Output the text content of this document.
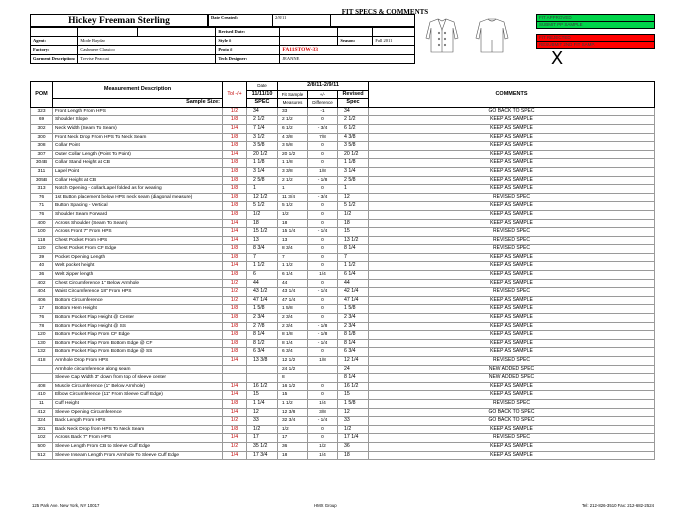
FIT SPECS & COMMENTS
Hickey Freeman Sterling	Date Created:	2/8/11	
			Revised Date:			
Agent:	Mode Baydar		Style #		Season:	Fall 2011
Factory:	Cashmere Classico		Proto #	FA11STOW-33		
Garment Description:	Trevise Peacoat		Tech Designer:	JEANNE			X
FIT APPROVED
SUBMIT PP SAMPLE

FIT REJECTED
RESUBMIT 2ND FIT SAMP.
POM	Measurement Description	Tol -/+	Date	2/8/11-2/9/11			COMMENTS
			11/11/10	Fit Sample	+/-	Revised	
	Sample Size:		SPEC	Measures	Difference	Spec	
323	Front Length From HPS	1/2	34	33	-1	34	GO BACK TO SPEC
69	Shoulder Slope	1/8	2 1/2	2 1/2	0	2 1/2	KEEP AS SAMPLE
302	Neck Width (Seam To Seam)	1/4	7 1/4	6 1/2	- 3/4	6 1/2	KEEP AS SAMPLE
300	Front Neck Drop From HPS To Neck Seam	1/8	3 1/2	4 3/8	7/8	4 3/8	KEEP AS SAMPLE
308	Collar Point	1/8	3 5/8	3 5/8	0	3 5/8	KEEP AS SAMPLE
307	Outer Collar Length (Point To Point)	1/4	20 1/2	20 1/2	0	20 1/2	KEEP AS SAMPLE
304B	Collar Stand Height at CB	1/8	1 1/8	1 1/8	0	1 1/8	KEEP AS SAMPLE
311	Lapel Point	1/8	3 1/4	3 3/8	1/8	3 1/4	KEEP AS SAMPLE
305B	Collar Height at CB	1/8	2 5/8	2 1/2	- 1/8	2 5/8	KEEP AS SAMPLE
313	Notch Opening - collar/Lapel folded as for wearing	1/8	1	1	0	1	KEEP AS SAMPLE
76	1st Button placement below HPS neck seam (diagonal measure)	1/8	12 1/2	11 3/4	- 3/4	12	REVISED SPEC
71	Button Spacing - Vertical	1/8	5 1/2	5 1/2	0	5 1/2	KEEP AS SAMPLE
76	Shoulder Seam Forward	1/8	1/2	1/2	0	1/2	KEEP AS SAMPLE
400	Across Shoulder (Seam To Seam)	1/4	18	18	0	18	KEEP AS SAMPLE
100	Across Front 7" From HPS	1/4	15 1/2	15 1/4	- 1/4	15	REVISED SPEC
118	Chest Pocket From HPS	1/4	13	13	0	13 1/2	REVISED SPEC
120	Chest Pocket From CF Edge	1/8	8 3/4	8 3/4	0	8 1/4	REVISED SPEC
39	Pocket Opening Length	1/8	7	7	0	7	KEEP AS SAMPLE
40	Welt pocket height	1/4	1 1/2	1 1/2	0	1 1/2	KEEP AS SAMPLE
36	Welt zipper length	1/8	6	6 1/4	1/4	6 1/4	KEEP AS SAMPLE
402	Chest Circumference 1" Below Armhole	1/2	44	44	0	44	KEEP AS SAMPLE
404	Waist Circumference 18" From HPS	1/2	43 1/2	43 1/4	- 1/4	42 1/4	REVISED SPEC
406	Bottom Circumference	1/2	47 1/4	47 1/4	0	47 1/4	KEEP AS SAMPLE
17	Bottom Hem Height	1/8	1 5/8	1 5/8	0	1 5/8	KEEP AS SAMPLE
76	Bottom Pocket Flap Height @ Center	1/8	2 3/4	2 3/4	0	2 3/4	KEEP AS SAMPLE
78	Bottom Pocket Flap Height @ SS	1/8	2 7/8	2 3/4	- 1/8	2 3/4	KEEP AS SAMPLE
120	Bottom Pocket Flap From CF Edge	1/8	8 1/4	8 1/8	- 1/8	8 1/8	KEEP AS SAMPLE
130	Bottom Pocket Flap From Bottom Edge @ CF	1/8	8 1/2	8 1/4	- 1/4	8 1/4	KEEP AS SAMPLE
132	Bottom Pocket Flap From Bottom Edge @ SS	1/8	6 3/4	6 3/4	0	6 3/4	KEEP AS SAMPLE
418	Armhole Drop From HPS	1/4	13 3/8	12 1/2	1/8	12 1/4	REVISED SPEC
	Armhole circumference along seam			24 1/2		24	NEW ADDED SPEC
	Sleeve Cap Width 3" down from top of sleeve center			8		8 1/4	NEW ADDED SPEC
408	Muscle Circumference (1" Below Armhole)	1/4	16 1/2	16 1/2	0	16 1/2	KEEP AS SAMPLE
410	Elbow Circumference (11" From Sleeve Cuff Edge)	1/4	15	15	0	15	KEEP AS SAMPLE
11	Cuff Height	1/8	1 1/4	1 1/2	1/4	1 5/8	REVISED SPEC
412	Sleeve Opening Circumference	1/4	12	12 3/8	3/8	12	GO BACK TO SPEC
324	Back Length From HPS	1/2	33	32 3/4	- 1/4	33	GO BACK TO SPEC
301	Back Neck Drop from HPS To Neck Seam	1/8	1/2	1/2	0	1/2	KEEP AS SAMPLE
102	Across Back 7" From HPS	1/4	17	17	0	17 1/4	REVISED SPEC
500	Sleeve Length From CB to Sleeve Cuff Edge	1/2	35 1/2	36	1/2	36	KEEP AS SAMPLE
512	Sleeve Inseam Length From Armhole To Sleeve Cuff Edge	1/4	17 3/4	18	1/4	18	KEEP AS SAMPLE
125 Park Ave. New York, NY 10017	HMX Group	Tel: 212-826-3510 Fax: 212-682-2524
